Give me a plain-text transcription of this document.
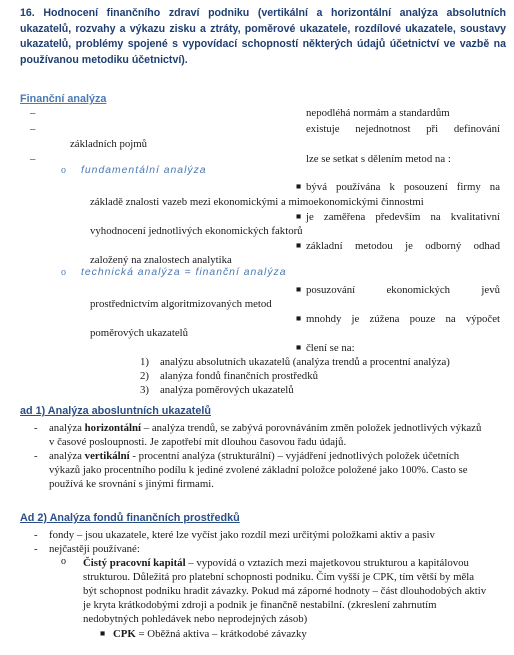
16. Hodnocení finančního zdraví podniku (vertikální a horizontální analýza absolutních ukazatelů, rozvahy a výkazu zisku a ztráty, poměrové ukazatele, rozdílové ukazatele, soustavy ukazatelů, problémy spojené s vypovídací schopností některých údajů účetnictví ve vazbě na používanou metodiku účetnictví).
Finanční analýza
–	nepodléhá normám a standardům
–	existuje nejednotnost při definování
základních pojmů
–	lze se setkat s dělením metod na :
o fundamentální analýza
■ bývá používána k posouzení firmy na
základě znalosti vazeb mezi ekonomickými a mimoekonomickými činnostmi
■ je zaměřena především na kvalitativní
vyhodnocení jednotlivých ekonomických faktorů
■ základní metodou je odborný odhad
založený na znalostech analytika
o technická analýza = finanční analýza
■ posuzování ekonomických jevů
prostřednictvím algoritmizovaných metod
■ mnohdy je zúžena pouze na výpočet
poměrových ukazatelů
■ člení se na:
1) analýzu absolutních ukazatelů (analýza trendů a procentní analýza)
2) alanýza fondů finančních prostředků
3) analýza poměrových ukazatelů
ad 1) Analýza abosluntních ukazatelů
- analýza horizontální – analýza trendů, se zabývá porovnáváním změn položek jednotlivých výkazů
v časové posloupnosti. Je zapotřebí mít dlouhou časovou řadu údajů.
- analýza vertikální - procentní analýza (strukturální) – vyjádření jednotlivých položek účetních
výkazů jako procentního podílu k jediné zvolené základní položce položené jako 100%. Casto se
používá ke srovnání s jinými firmami.
Ad 2) Analýza fondů finančních prostředků
- fondy – jsou ukazatele, které lze vyčíst jako rozdíl mezi určitými položkami aktiv a pasiv
- nejčastěji používané:
o Čistý pracovní kapitál – vypovídá o vztazích mezi majetkovou strukturou a kapitálovou
strukturou. Důležitá pro platební schopnosti podniku. Čím vyšší je CPK, tím větší by měla
být schopnost podniku hradit závazky. Pokud má záporné hodnoty – část dlouhodobých aktiv
je kryta krátkodobými zdroji a podnik je finančně nestabilní. (zkreslení zahrnutím
nedobytných pohledávek nebo neprodejných zásob)
■ CPK = Oběžná aktiva – krátkodobé závazky
